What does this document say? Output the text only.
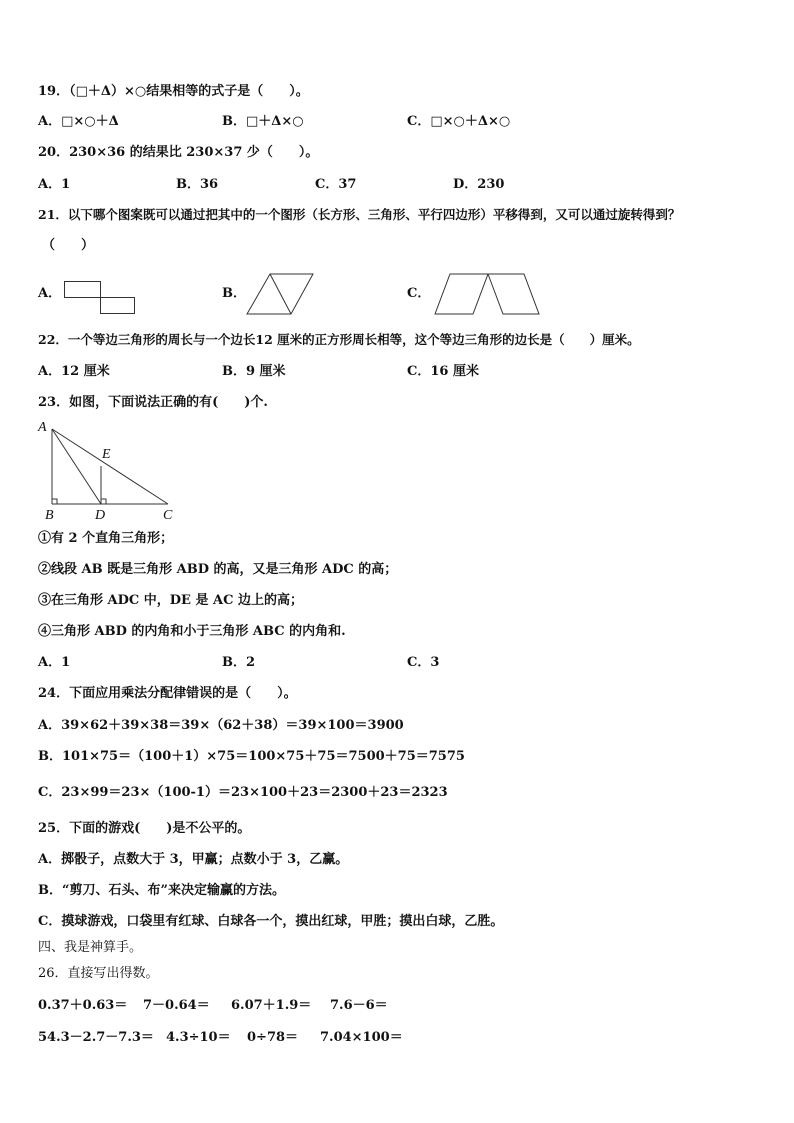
19．（□＋Δ）×○结果相等的式子是（　　）。
A．□×○＋Δ	B．□＋Δ×○	C．□×○＋Δ×○
20．230×36 的结果比 230×37 少（　　）。
A．1	B．36	C．37	D．230
21．以下哪个图案既可以通过把其中的一个图形（长方形、三角形、平行四边形）平移得到，又可以通过旋转得到？
（　　）
A．	B．	C．
22．一个等边三角形的周长与一个边长12 厘米的正方形周长相等，这个等边三角形的边长是（　　）厘米。
A．12 厘米	B．9 厘米	C．16 厘米
23．如图，下面说法正确的有(　　)个.
A
E
B	D	C
①有 2 个直角三角形；
②线段 AB 既是三角形 ABD 的高，又是三角形 ADC 的高；
③在三角形 ADC 中，DE 是 AC 边上的高；
④三角形 ABD 的内角和小于三角形 ABC 的内角和.
A．1	B．2	C．3
24．下面应用乘法分配律错误的是（　　）。
A．39×62＋39×38＝39×（62＋38）＝39×100＝3900
B．101×75＝（100＋1）×75＝100×75＋75＝7500＋75＝7575
C．23×99＝23×（100-1）＝23×100＋23＝2300＋23＝2323
25．下面的游戏(　　)是不公平的。
A．掷骰子，点数大于 3，甲赢；点数小于 3，乙赢。
B．“剪刀、石头、布”来决定输赢的方法。
C．摸球游戏，口袋里有红球、白球各一个，摸出红球，甲胜；摸出白球，乙胜。
四、我是神算手。
26．直接写出得数。
0.37＋0.63＝ 7－0.64＝ 6.07＋1.9＝ 7.6－6＝
54.3－2.7－7.3＝ 4.3÷10＝ 0÷78＝ 7.04×100＝
